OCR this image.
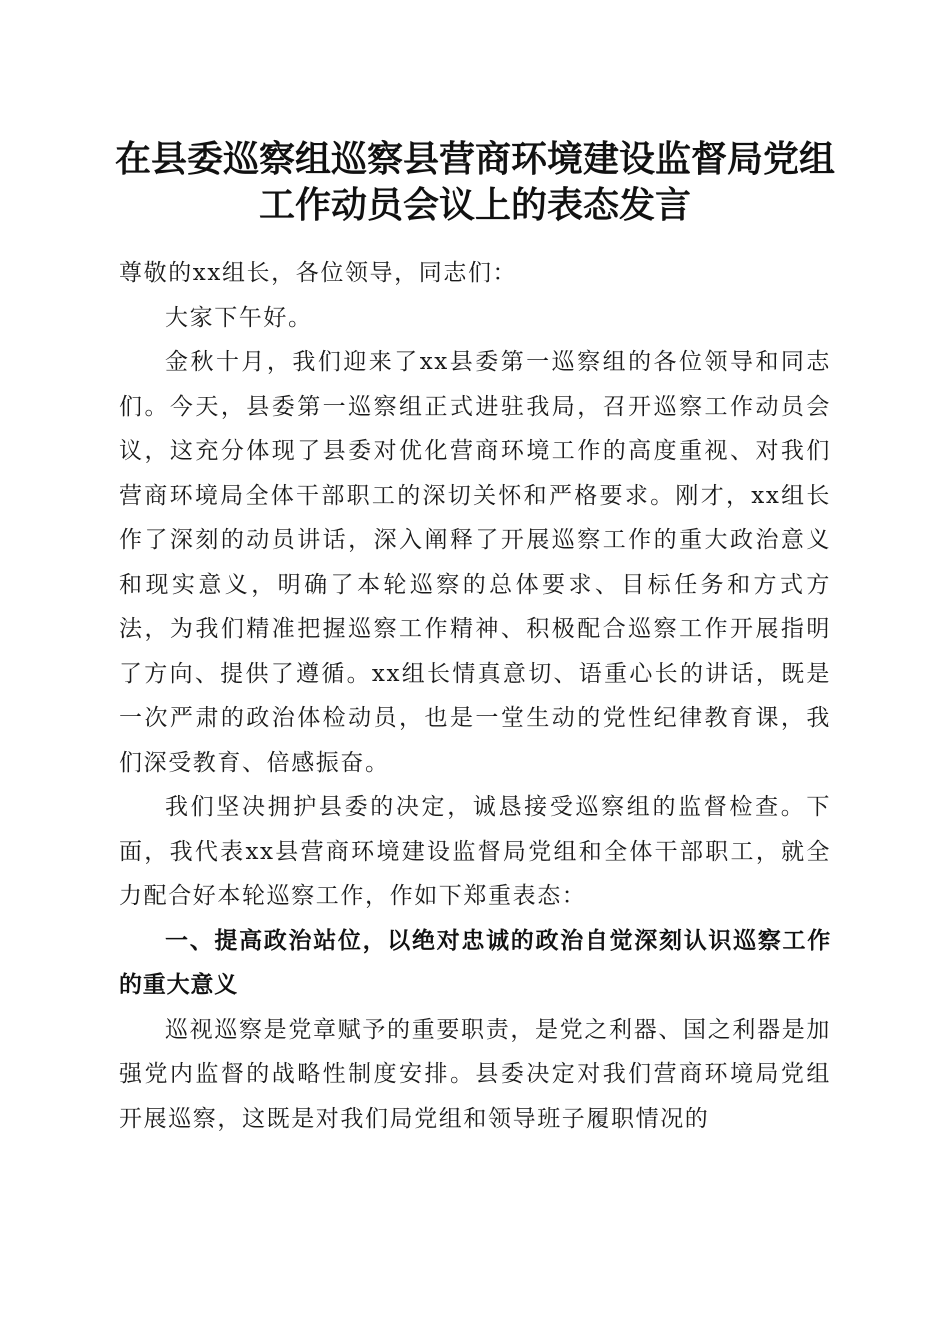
在县委巡察组巡察县营商环境建设监督局党组
工作动员会议上的表态发言

尊敬的xx组长，各位领导，同志们：

大家下午好。

金秋十月，我们迎来了xx县委第一巡察组的各位领导和同志们。今天，县委第一巡察组正式进驻我局，召开巡察工作动员会议，这充分体现了县委对优化营商环境工作的高度重视、对我们营商环境局全体干部职工的深切关怀和严格要求。刚才，xx组长作了深刻的动员讲话，深入阐释了开展巡察工作的重大政治意义和现实意义，明确了本轮巡察的总体要求、目标任务和方式方法，为我们精准把握巡察工作精神、积极配合巡察工作开展指明了方向、提供了遵循。xx组长情真意切、语重心长的讲话，既是一次严肃的政治体检动员，也是一堂生动的党性纪律教育课，我们深受教育、倍感振奋。

我们坚决拥护县委的决定，诚恳接受巡察组的监督检查。下面，我代表xx县营商环境建设监督局党组和全体干部职工，就全力配合好本轮巡察工作，作如下郑重表态：

一、提高政治站位，以绝对忠诚的政治自觉深刻认识巡察工作的重大意义

巡视巡察是党章赋予的重要职责，是党之利器、国之利器是加强党内监督的战略性制度安排。县委决定对我们营商环境局党组开展巡察，这既是对我们局党组和领导班子履职情况的
